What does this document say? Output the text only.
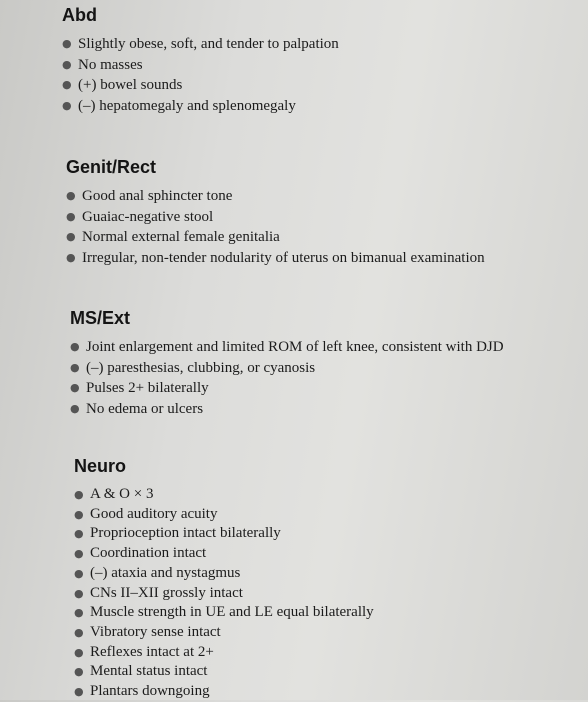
Abd
● Slightly obese, soft, and tender to palpation
● No masses
● (+) bowel sounds
● (–) hepatomegaly and splenomegaly
Genit/Rect
● Good anal sphincter tone
● Guaiac-negative stool
● Normal external female genitalia
● Irregular, non-tender nodularity of uterus on bimanual examination
MS/Ext
● Joint enlargement and limited ROM of left knee, consistent with DJD
● (–) paresthesias, clubbing, or cyanosis
● Pulses 2+ bilaterally
● No edema or ulcers
Neuro
● A & O × 3
● Good auditory acuity
● Proprioception intact bilaterally
● Coordination intact
● (–) ataxia and nystagmus
● CNs II–XII grossly intact
● Muscle strength in UE and LE equal bilaterally
● Vibratory sense intact
● Reflexes intact at 2+
● Mental status intact
● Plantars downgoing
